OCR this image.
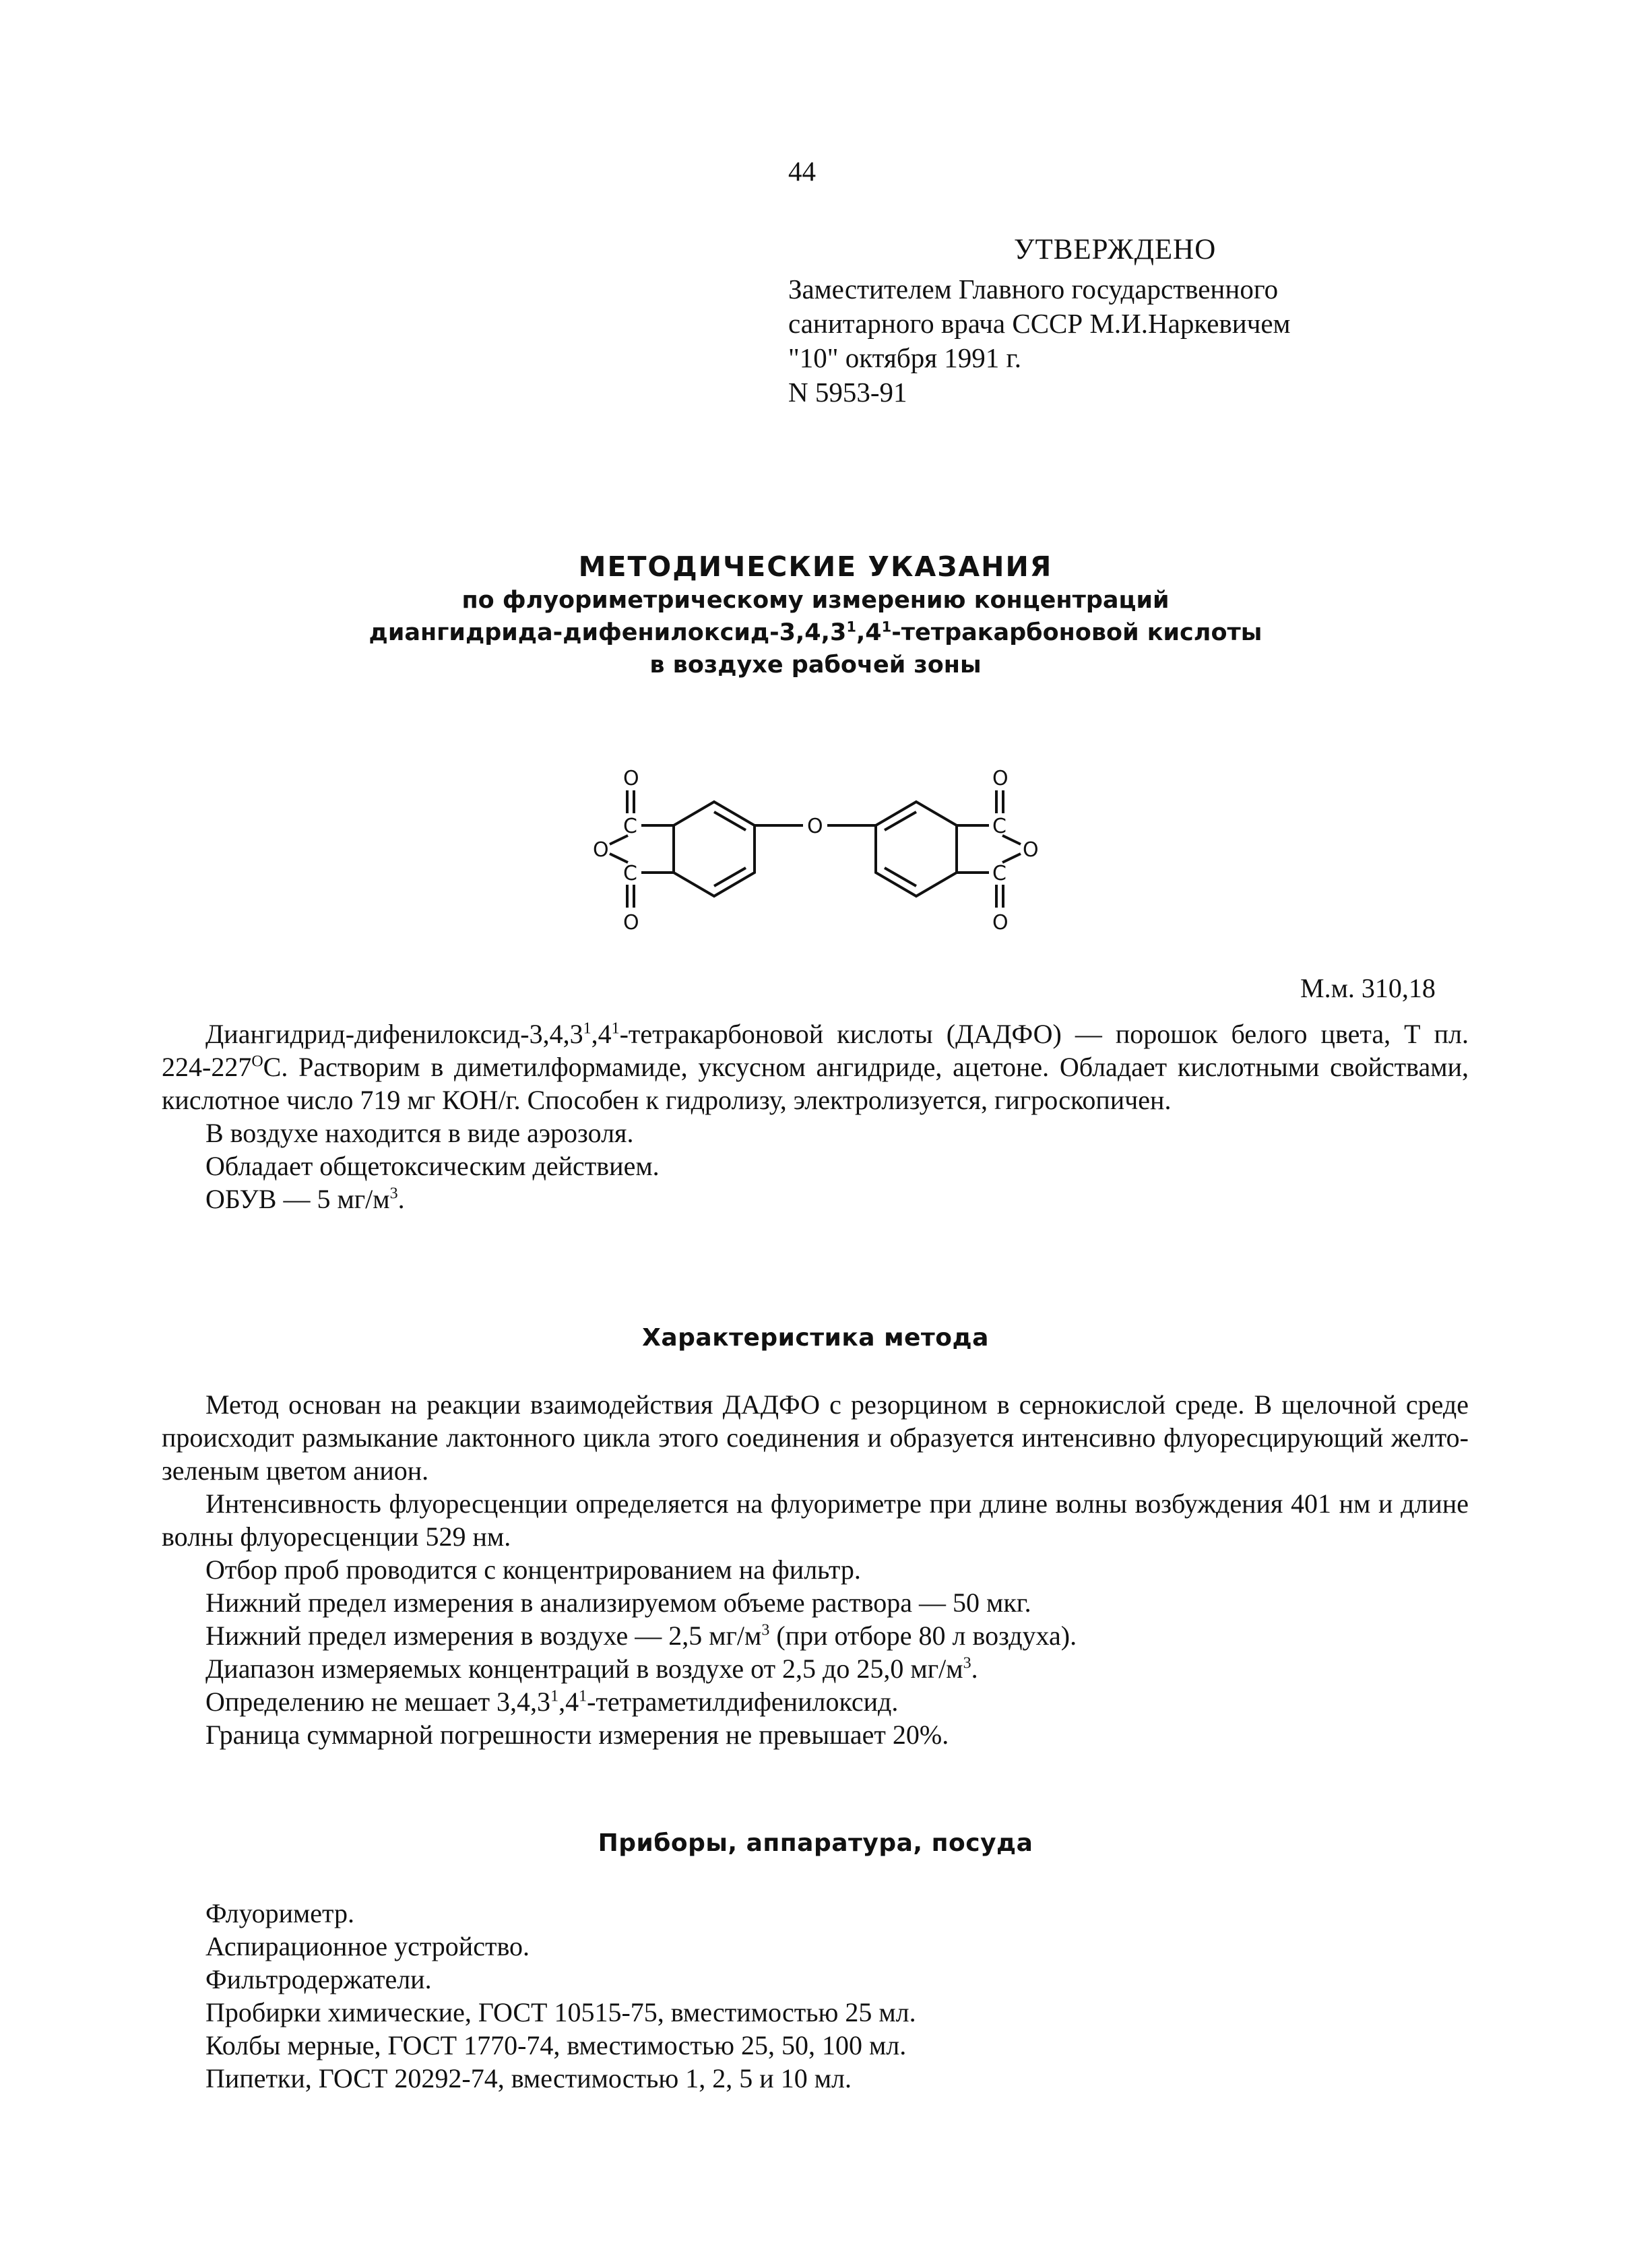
44
УТВЕРЖДЕНО
Заместителем Главного государственного
санитарного врача СССР М.И.Наркевичем
"10" октября 1991 г.
N 5953-91
МЕТОДИЧЕСКИЕ УКАЗАНИЯ
по флуориметрическому измерению концентраций
диангидрида-$дифенилоксид-3,4,3^1,4^1$-тетракарбоновой кислоты
в воздухе рабочей зоны
O
C
C
O
O
O
O
C
C
O
O
М.м. 310,18

Диангидрид-$дифенилоксид-3,4,3^1,4^1$-тетракарбоновой кислоты (ДАДФО) — порошок белого цвета, Т пл. $224-227^OС$. Растворим в диметилформамиде, уксусном ангидриде, ацетоне. Обладает кислотными свойствами, кислотное число 719 мг КОН/г. Способен к гидролизу, электролизуется, гигроскопичен.

В воздухе находится в виде аэрозоля.

Обладает общетоксическим действием.

ОБУВ — 5 $мг/м^3$.

Характеристика метода

Метод основан на реакции взаимодействия ДАДФО с резорцином в сернокислой среде. В щелочной среде происходит размыкание лактонного цикла этого соединения и образуется интенсивно флуоресцирующий желто-зеленым цветом анион.

Интенсивность флуоресценции определяется на флуориметре при длине волны возбуждения 401 нм и длине волны флуоресценции 529 нм.

Отбор проб проводится с концентрированием на фильтр.

Нижний предел измерения в анализируемом объеме раствора — 50 мкг.

Нижний предел измерения в воздухе — 2,5 $мг/м^3$ (при отборе 80 л воздуха).

Диапазон измеряемых концентраций в воздухе от 2,5 до 25,0 $мг/м^3$.

Определению не мешает $3,4,3^1,4^1$-тетраметилдифенилоксид.

Граница суммарной погрешности измерения не превышает 20%.

Приборы, аппаратура, посуда
Флуориметр.
Аспирационное устройство.
Фильтродержатели.
Пробирки химические, ГОСТ 10515-75, вместимостью 25 мл.
Колбы мерные, ГОСТ 1770-74, вместимостью 25, 50, 100 мл.
Пипетки, ГОСТ 20292-74, вместимостью 1, 2, 5 и 10 мл.
